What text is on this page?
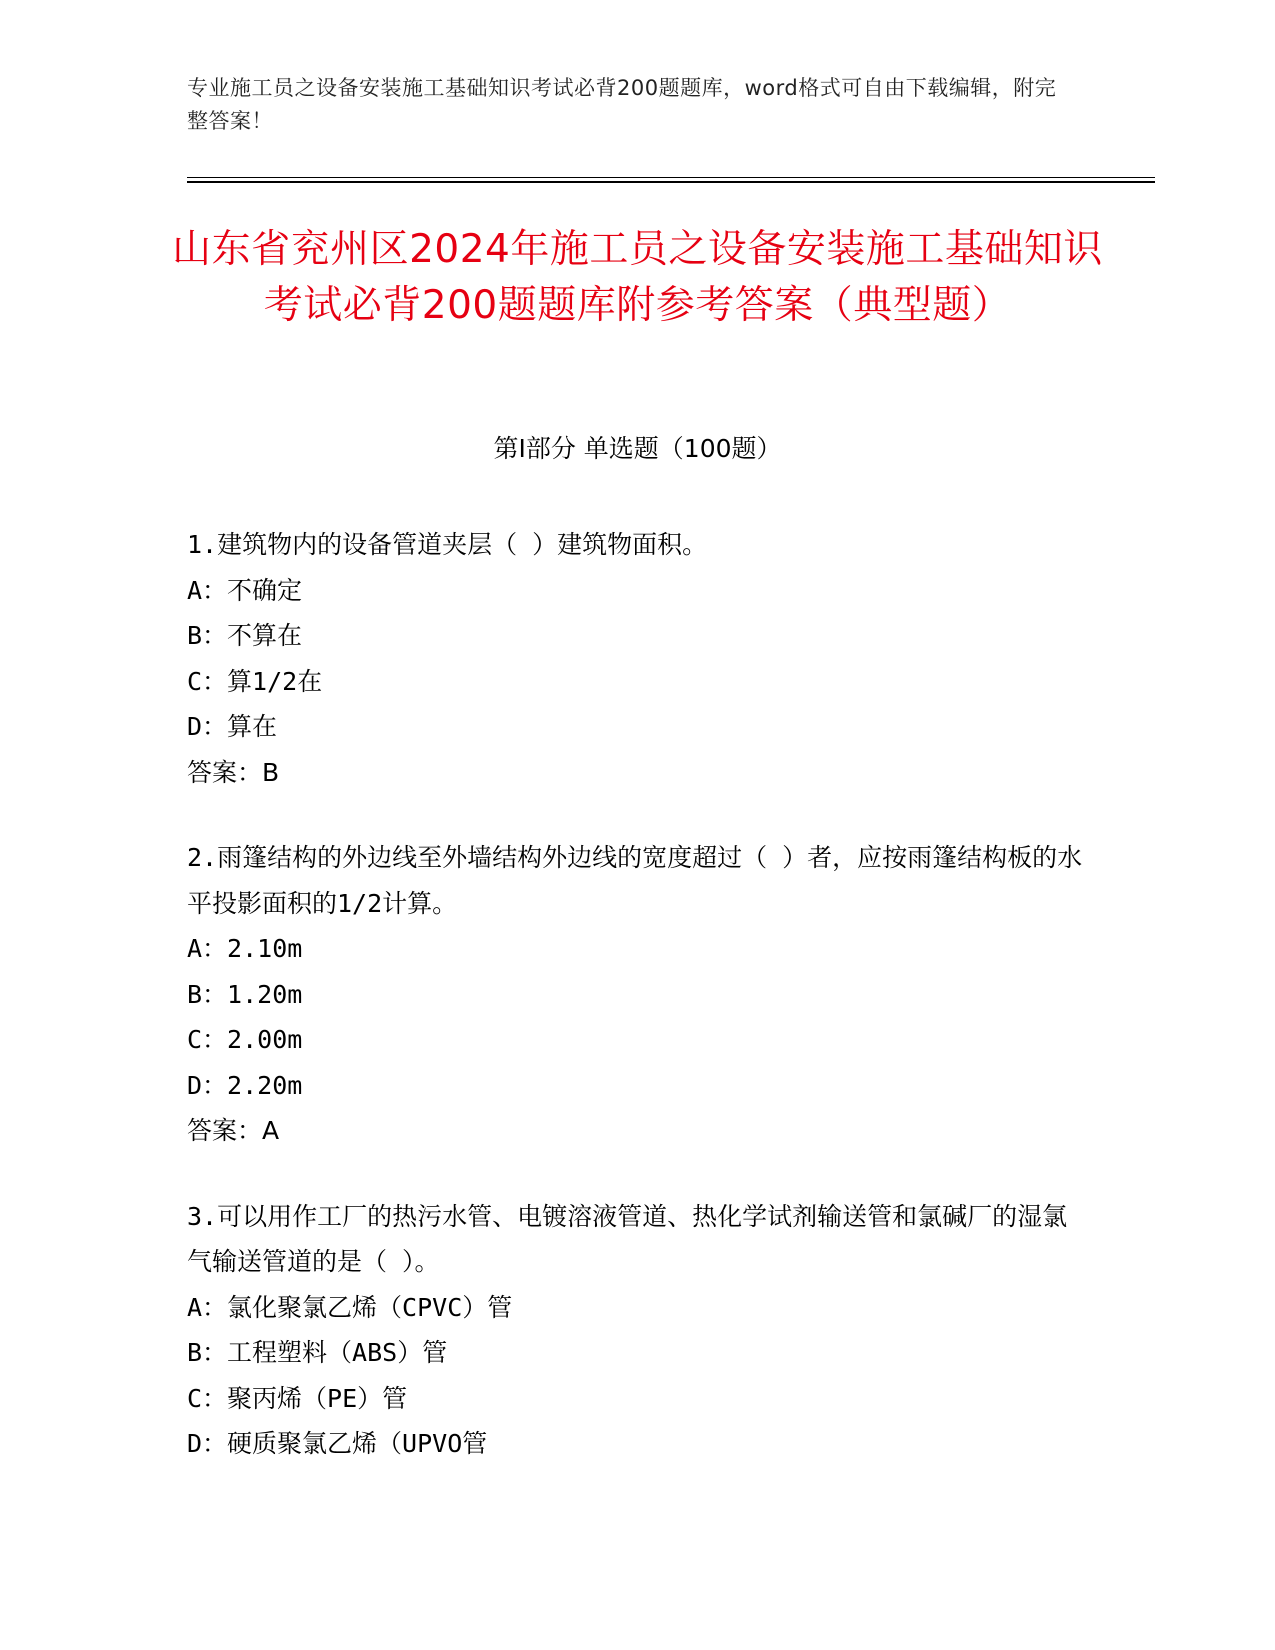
专业施工员之设备安装施工基础知识考试必背200题题库，word格式可自由下载编辑，附完整答案！
山东省兖州区2024年施工员之设备安装施工基础知识考试必背200题题库附参考答案（典型题）
第I部分 单选题（100题）
1.建筑物内的设备管道夹层（ ）建筑物面积。
A：不确定
B：不算在
C：算1/2在
D：算在
答案：B
2.雨篷结构的外边线至外墙结构外边线的宽度超过（ ）者，应按雨篷结构板的水平投影面积的1/2计算。
A：2.10m
B：1.20m
C：2.00m
D：2.20m
答案：A
3.可以用作工厂的热污水管、电镀溶液管道、热化学试剂输送管和氯碱厂的湿氯气输送管道的是（ ）。
A：氯化聚氯乙烯（CPVC）管
B：工程塑料（ABS）管
C：聚丙烯（PE）管
D：硬质聚氯乙烯（UPVO管
